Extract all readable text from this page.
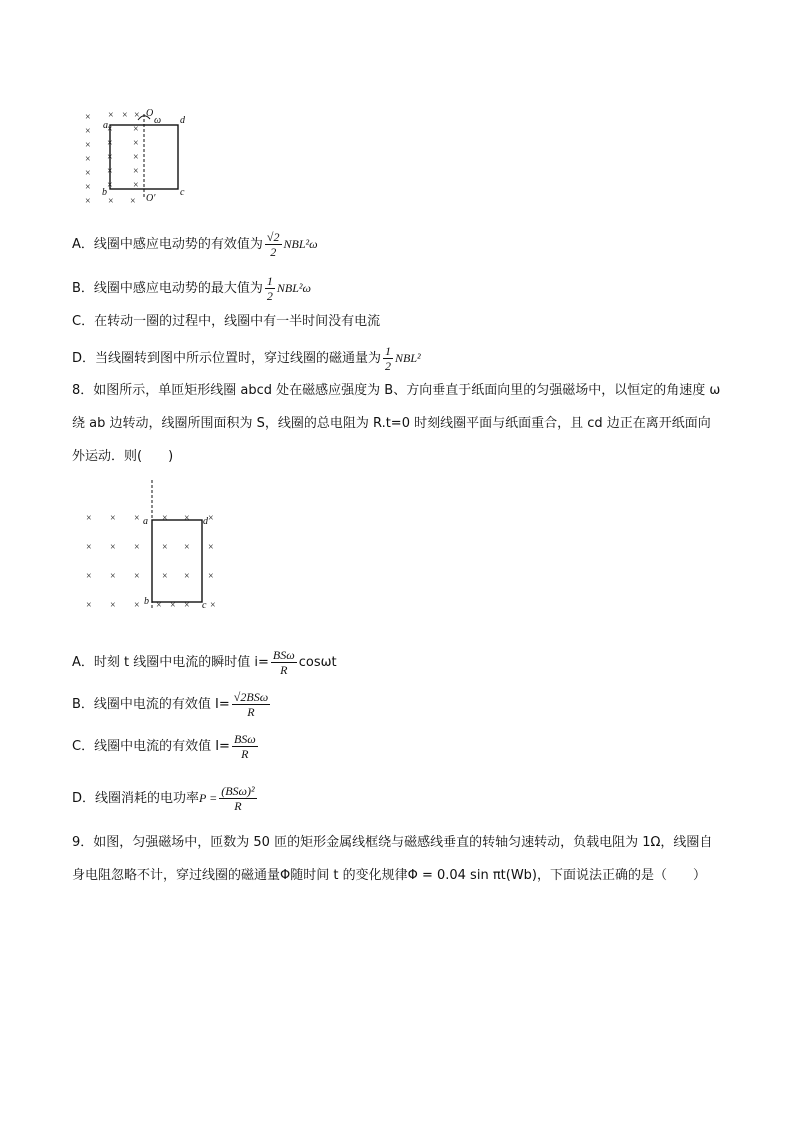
×
×
×
×
×
×
×
× × ×
×
×
×
×
×
×
×
×
×
×
× ×
a
b	c
d
O
ω
O′
A．线圈中感应电动势的有效值为 $\frac{√2}{2} NBL^2\omega$
B．线圈中感应电动势的最大值为 $\frac{1}{2} NBL^2\omega$
C．在转动一圈的过程中，线圈中有一半时间没有电流
D．当线圈转到图中所示位置时，穿过线圈的磁通量为 $\frac{1}{2} NBL^2$
8．如图所示，单匝矩形线圈 abcd 处在磁感应强度为 B、方向垂直于纸面向里的匀强磁场中，以恒定的角速度 ω绕 ab 边转动，线圈所围面积为 S，线圈的总电阻为 R.t=0 时刻线圈平面与纸面重合，且 cd 边正在离开纸面向外运动．则(　　)
× × × × × ×
× × × × × ×
× × × × × ×
× × × × × × ×
a	d
b	c
A．时刻 t 线圈中电流的瞬时值 $i= \frac{\text{BSω}}{R}$ cosωt
B．线圈中电流的有效值 $I= \frac{\text{√2BSω}}{R}$
C．线圈中电流的有效值 $I= \frac{\text{BSω}}{R}$
D．线圈消耗的电功率$P = \frac{\text{(BSω)²}}{R}$
9．如图，匀强磁场中，匝数为 50 匝的矩形金属线框绕与磁感线垂直的转轴匀速转动，负载电阻为 1Ω，线圈自身电阻忽略不计，穿过线圈的磁通量Φ随时间 t 的变化规律Φ = 0.04 sin πt(Wb)，下面说法正确的是（　　）
